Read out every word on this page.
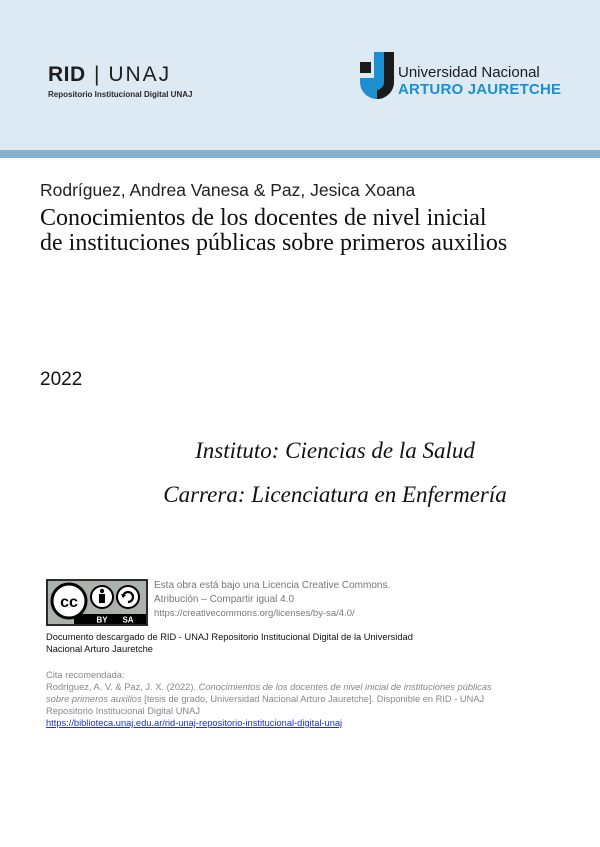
RID | UNAJ
Repositorio Institucional Digital UNAJ
Universidad Nacional
ARTURO JAURETCHE
Rodríguez, Andrea Vanesa & Paz, Jesica Xoana
Conocimientos de los docentes de nivel inicial
de instituciones públicas sobre primeros auxilios
2022
Instituto: Ciencias de la Salud
Carrera: Licenciatura en Enfermería
cc
BY SA
Esta obra está bajo una Licencia Creative Commons.
Atribución – Compartir igual 4.0
https://creativecommons.org/licenses/by-sa/4.0/
Documento descargado de RID - UNAJ Repositorio Institucional Digital de la Universidad
Nacional Arturo Jauretche
Cita recomendada:
Rodríguez, A. V. & Paz, J. X. (2022). Conocimientos de los docentes de nivel inicial de instituciones públicas
sobre primeros auxilios [tesis de grado, Universidad Nacional Arturo Jauretche]. Disponible en RID - UNAJ
Repositorio Institucional Digital UNAJ
https://biblioteca.unaj.edu.ar/rid-unaj-repositorio-institucional-digital-unaj
